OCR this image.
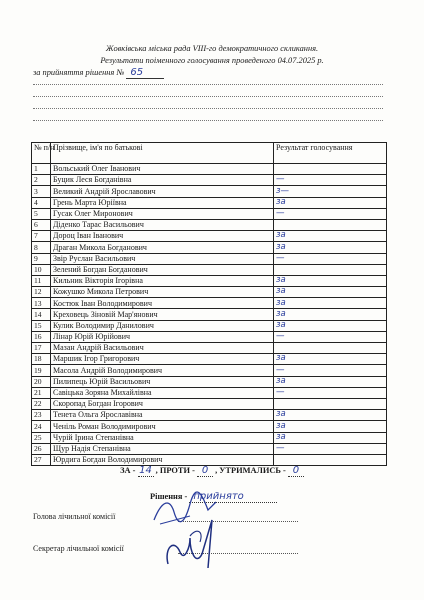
Жовківська міська рада VIII-го демократичного скликання.
Результати поіменного голосування проведеного 04.07.2025 р.
за прийняття рішення № 65
№ п/н	Прізвище, ім'я по батькові	Результат голосування
1	Вольський Олег Іванович	
2	Буцик Леся Богданівна	—
3	Великий Андрій Ярославович	з—
4	Грень Марта Юріївна	за
5	Гусак Олег Миронович	—
6	Діденко Тарас Васильович	
7	Дороц Іван Іванович	за
8	Драган Микола Богданович	за
9	Звір Руслан Васильович	—
10	Зелений Богдан Богданович	
11	Кильник Вікторія Ігорівна	за
12	Кожушко Микола Петрович	за
13	Костюк Іван Володимирович	за
14	Креховець Зіновій Мар'янович	за
15	Кулик Володимир Данилович	за
16	Лінар Юрій Юрійович	—
17	Мазан Андрій Васильович	
18	Маршик Ігор Григорович	за
19	Масола Андрій Володимирович	—
20	Пилипець Юрій Васильович	за
21	Савіцька Зоряна Михайлівна	—
22	Скоропад Богдан Ігорович	
23	Тенета Ольга Ярославівна	за
24	Ченіль Роман Володимирович	за
25	Чурій Ірина Степанівна	за
26	Щур Надія Степанівна	—
27	Юрдига Богдан Володимирович	
ЗА - 14 , ПРОТИ - 0 , УТРИМАЛИСЬ - 0
Рішення - прийнято
Голова лічильної комісії
Секретар лічильної комісії
